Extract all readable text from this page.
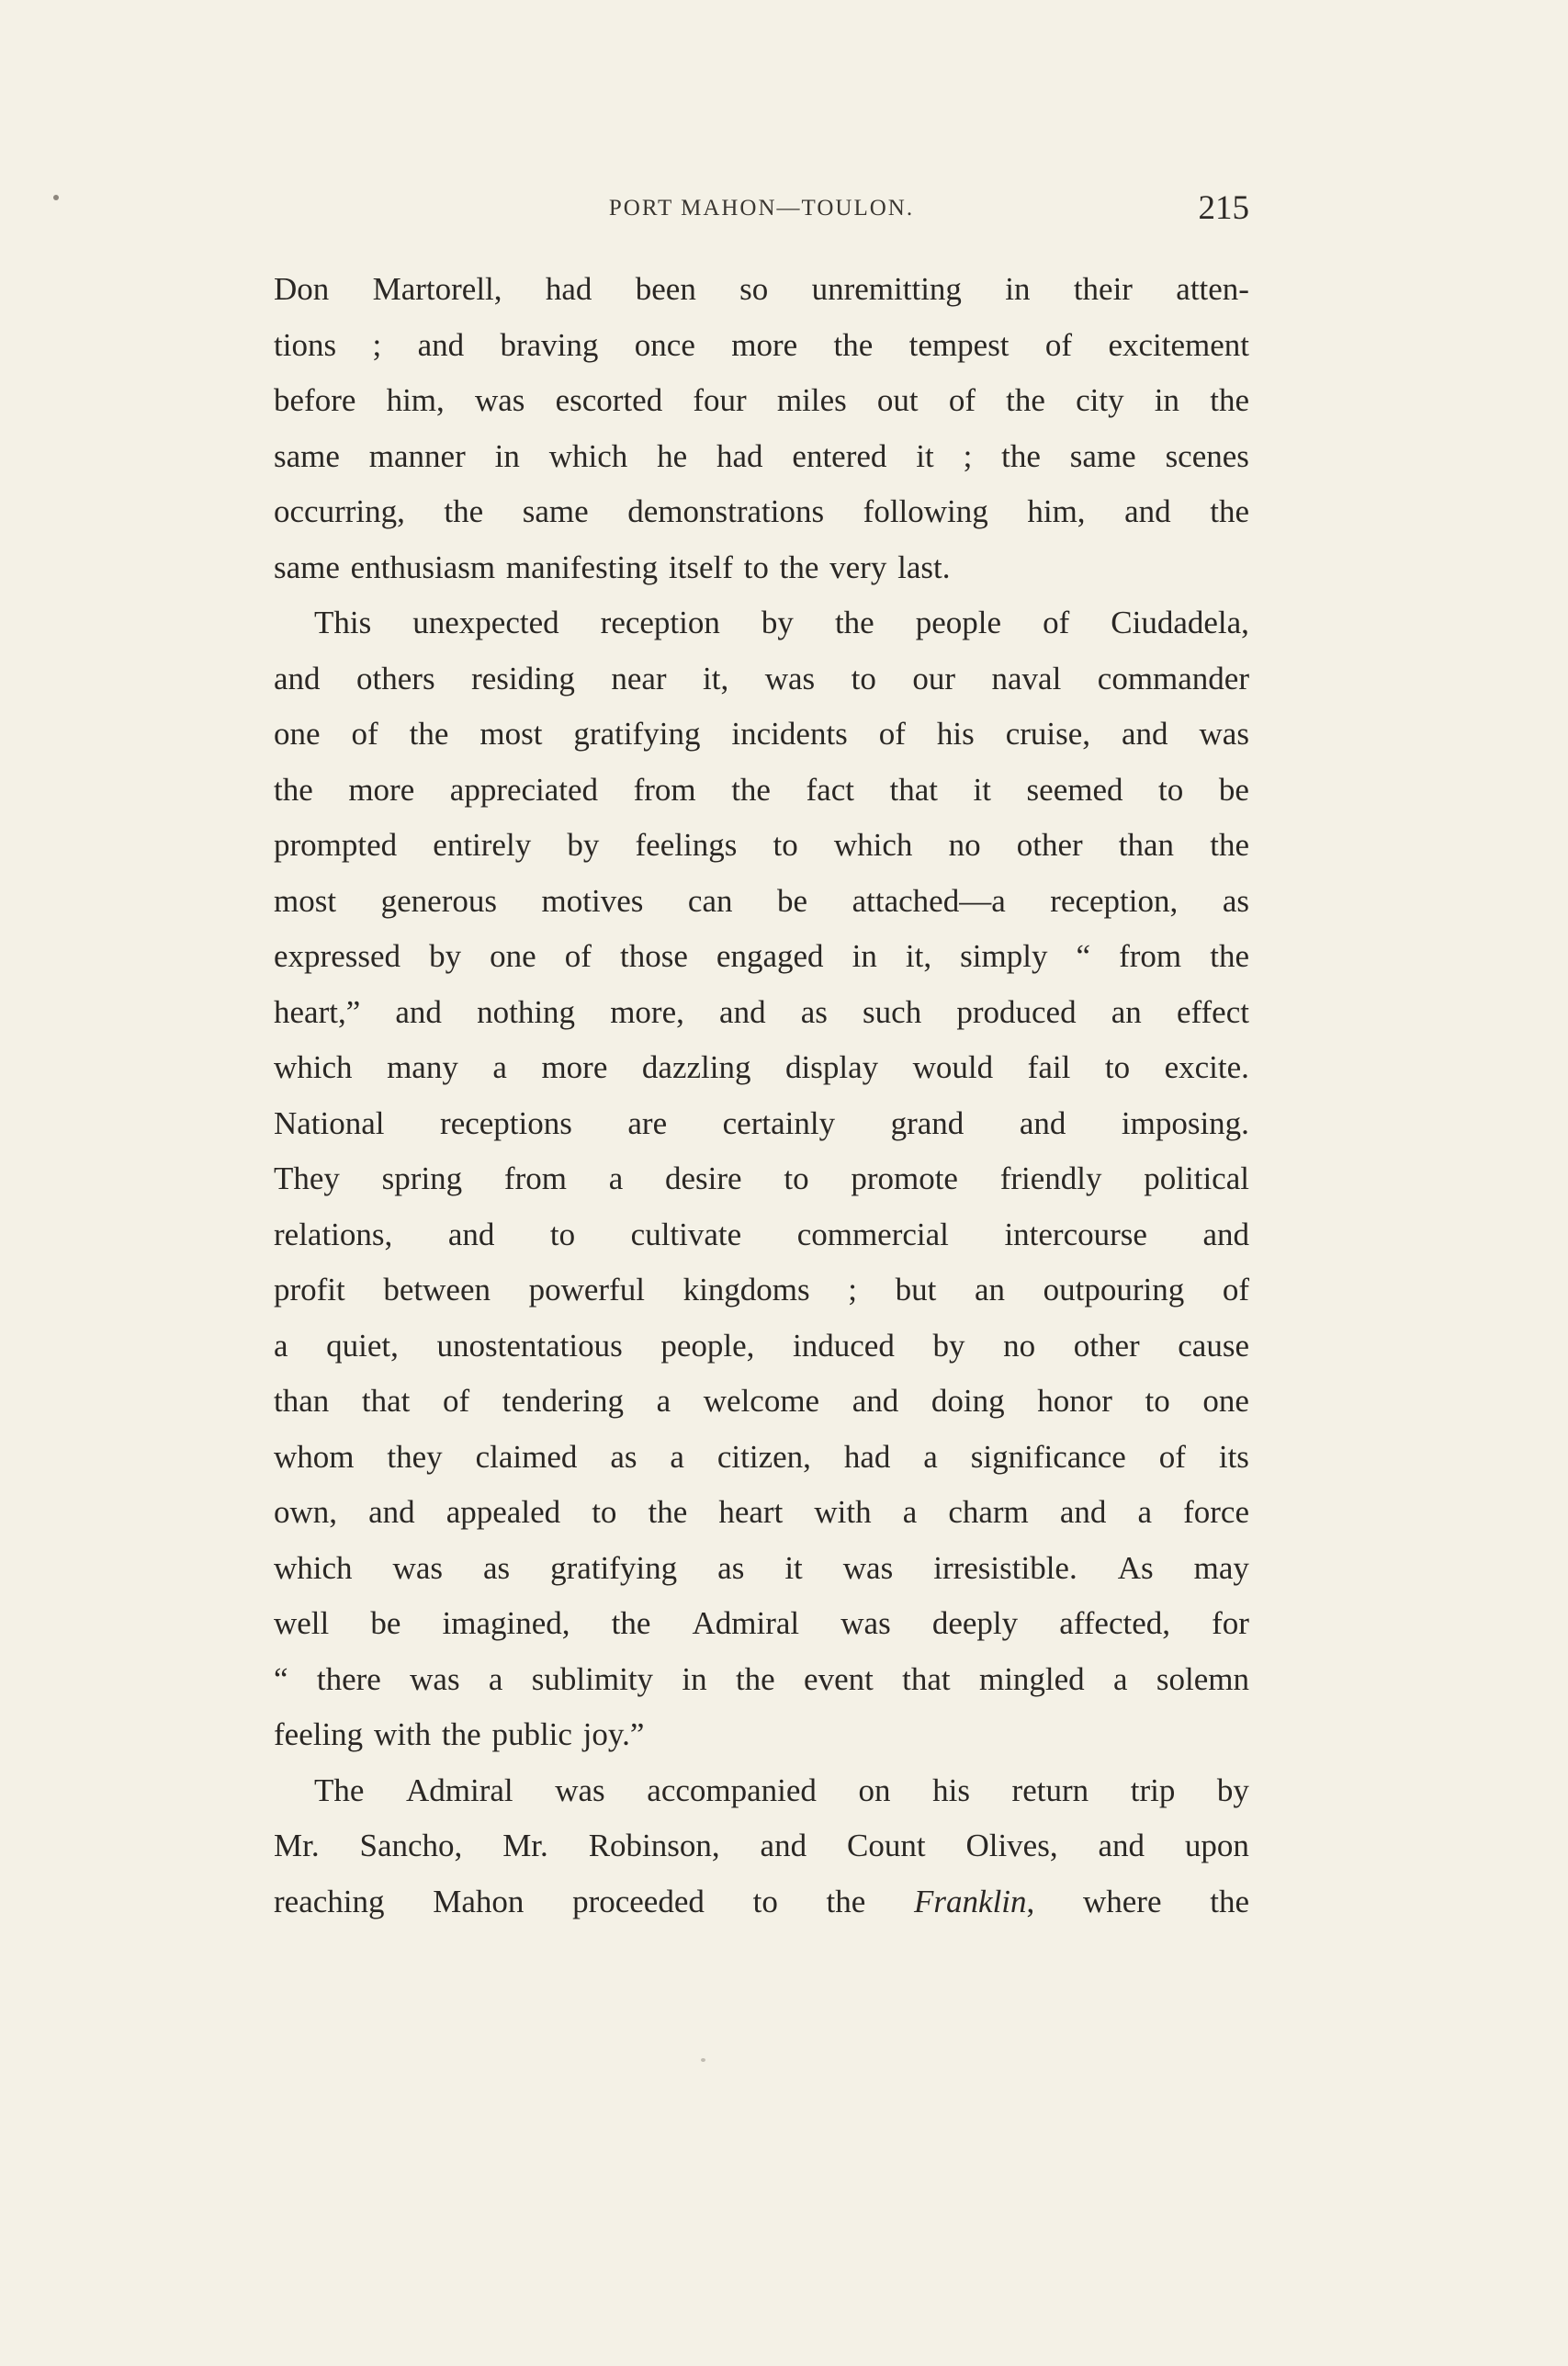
PORT MAHON—TOULON.	215
Don Martorell, had been so unremitting in their atten-
tions ; and braving once more the tempest of excitement
before him, was escorted four miles out of the city in the
same manner in which he had entered it ; the same scenes
occurring, the same demonstrations following him, and the
same
enthusiasm
manifesting
itself
to
the
very
last.
This unexpected reception by the people of Ciudadela,
and others residing near it, was to our naval commander
one of the most gratifying incidents of his cruise, and was
the more appreciated from the fact that it seemed to be
prompted entirely by feelings to which no other than the
most generous motives can be attached—a reception, as
expressed by one of those engaged in it, simply “ from the
heart,” and nothing more, and as such produced an effect
which many a more dazzling display would fail to excite.
National receptions are certainly grand and imposing.
They spring from a desire to promote friendly political
relations, and to cultivate commercial intercourse and
profit between powerful kingdoms ; but an outpouring of
a quiet, unostentatious people, induced by no other cause
than that of tendering a welcome and doing honor to one
whom they claimed as a citizen, had a significance of its
own, and appealed to the heart with a charm and a force
which was as gratifying as it was irresistible. As may
well be imagined, the Admiral was deeply affected, for
“ there was a sublimity in the event that mingled a solemn
feeling
with
the
public
joy.”
The Admiral was accompanied on his return trip by
Mr. Sancho, Mr. Robinson, and Count Olives, and upon
reaching Mahon proceeded to the Franklin, where the
